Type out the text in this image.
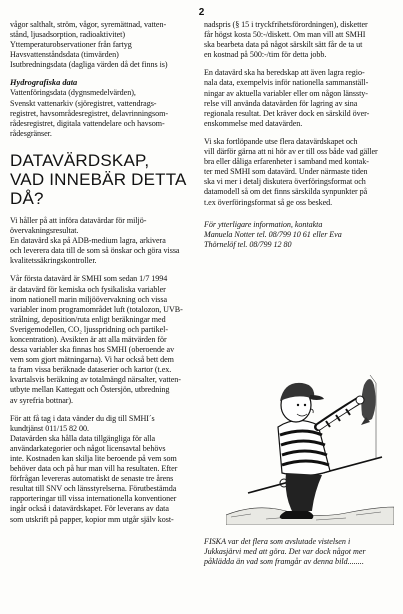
2
vågor salthalt, ström, vågor, syremättnad, vatten-
stånd, ljusadsorption, radioaktivitet)
Yttemperaturobservationer från fartyg
Havsvattenståndsdata (timvärden)
Isutbredningsdata (dagliga värden då det finns is)
Hydrografiska data
Vattenföringsdata (dygnsmedelvärden),
Svenskt vattenarkiv (sjöregistret, vattendrags-
registret, havsområdesregistret, delavrinningsom-
rådesregistret, digitala vattendelare och havsom-
rådesgränser.
DATAVÄRDSKAP,
VAD INNEBÄR DETTA DÅ?
Vi håller på att införa datavärdar för miljö-
övervakningsresultat.
En datavärd ska på ADB-medium lagra, arkivera
och leverera data till de som så önskar och göra vissa
kvalitetssäkringskontroller.
Vår första datavärd är SMHI som sedan 1/7 1994
är datavärd för kemiska och fysikaliska variabler
inom nationell marin miljöövervakning och vissa
variabler inom programområdet luft (totalozon, UVB-
strålning, deposition/ruta enligt beräkningar med
Sverigemodellen, CO₂ ljusspridning och partikel-
koncentration). Avsikten är att alla mätvärden för
dessa variabler ska finnas hos SMHI (oberoende av
vem som gjort mätningarna). Vi har också bett dem
ta fram vissa beräknade dataserier och kartor (t.ex.
kvartalsvis beräkning av totalmängd närsalter, vatten-
utbyte mellan Kattegatt och Östersjön, utbredning
av syrefria bottnar).
För att få tag i data vänder du dig till SMHI´s
kundtjänst 011/15 82 00.
Datavärden ska hålla data tillgängliga för alla
användarkategorier och något licensavtal behövs
inte. Kostnaden kan skilja lite beroende på vem som
behöver data och på hur man vill ha resultaten. Efter
förfrågan levereras automatiskt de senaste tre årens
resultat till SNV och länsstyrelserna. Förutbestämda
rapporteringar till vissa internationella konventioner
ingår också i datavärdskapet. För leverans av data
som utskrift på papper, kopior mm utgår själv kost-
nadspris (§ 15 i tryckfrihetsförordningen), disketter
får högst kosta 50:-/diskett. Om man vill att SMHI
ska bearbeta data på något särskilt sätt får de ta ut
en kostnad på 500:-/tim för detta jobb.
En datavärd ska ha beredskap att även lagra regio-
nala data, exempelvis inför nationella sammanställ-
ningar av aktuella variabler eller om någon länssty-
relse vill använda datavärden för lagring av sina
regionala resultat. Det kräver dock en särskild över-
enskommelse med datavärden.
Vi ska fortlöpande utse flera datavärdskapet och
vill därför gärna att ni hör av er till oss både vad gäller
bra eller dåliga erfarenheter i samband med kontak-
ter med SMHI som datavärd. Under närmaste tiden
ska vi mer i detalj diskutera överföringsformat och
datamodell så om det finns särskilda synpunkter på
t.ex överföringsformat så ge oss besked.
För ytterligare information, kontakta
Manuela Notter tel. 08/799 10 61 eller Eva
Thörnelöf tel. 08/799 12 80
FISKA var det flera som avslutade vistelsen i
Jukkasjärvi med att göra. Det var dock något mer
påklädda än vad som framgår av denna bild........
